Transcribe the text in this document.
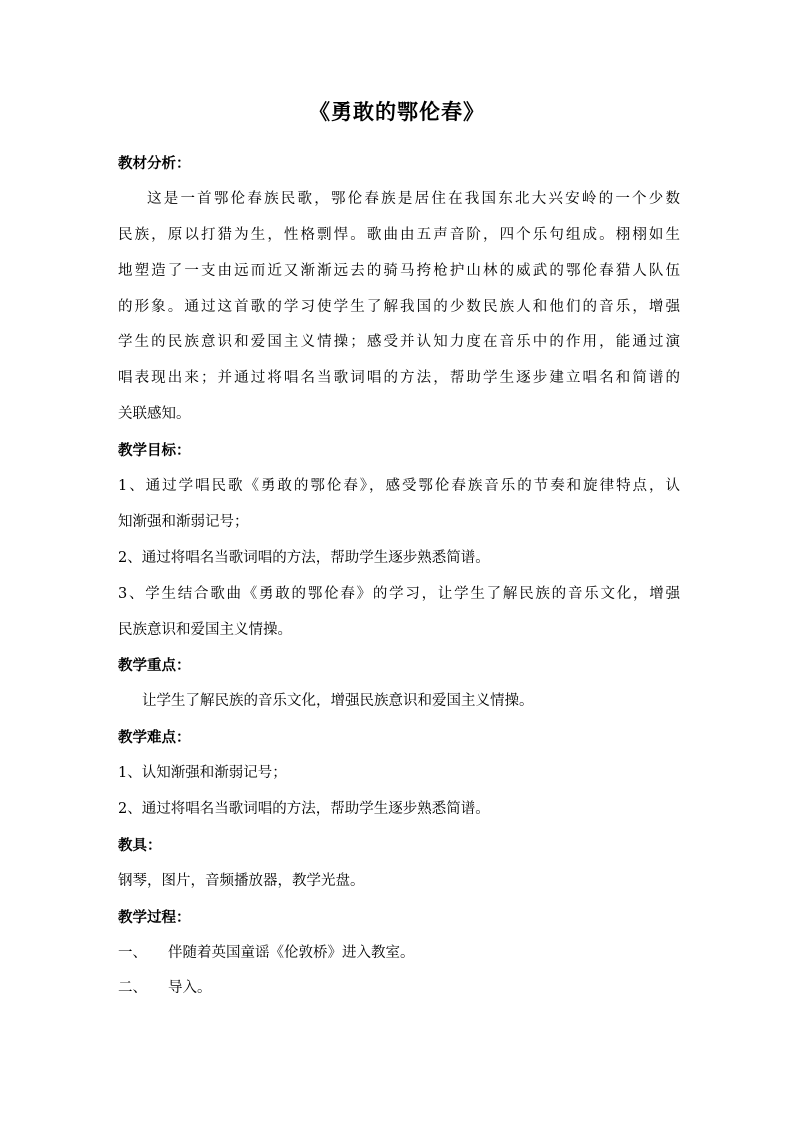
《勇敢的鄂伦春》
教材分析：
这是一首鄂伦春族民歌，鄂伦春族是居住在我国东北大兴安岭的一个少数
民族，原以打猎为生，性格剽悍。歌曲由五声音阶，四个乐句组成。栩栩如生
地塑造了一支由远而近又渐渐远去的骑马挎枪护山林的威武的鄂伦春猎人队伍
的形象。通过这首歌的学习使学生了解我国的少数民族人和他们的音乐，增强
学生的民族意识和爱国主义情操；感受并认知力度在音乐中的作用，能通过演
唱表现出来；并通过将唱名当歌词唱的方法，帮助学生逐步建立唱名和简谱的
关联感知。
教学目标：
1、通过学唱民歌《勇敢的鄂伦春》，感受鄂伦春族音乐的节奏和旋律特点，认
知渐强和渐弱记号；
2、通过将唱名当歌词唱的方法，帮助学生逐步熟悉简谱。
3、学生结合歌曲《勇敢的鄂伦春》的学习，让学生了解民族的音乐文化，增强
民族意识和爱国主义情操。
教学重点：
让学生了解民族的音乐文化，增强民族意识和爱国主义情操。
教学难点：
1、认知渐强和渐弱记号；
2、通过将唱名当歌词唱的方法，帮助学生逐步熟悉简谱。
教具：
钢琴，图片，音频播放器，教学光盘。
教学过程：
一、 伴随着英国童谣《伦敦桥》进入教室。
二、 导入。
